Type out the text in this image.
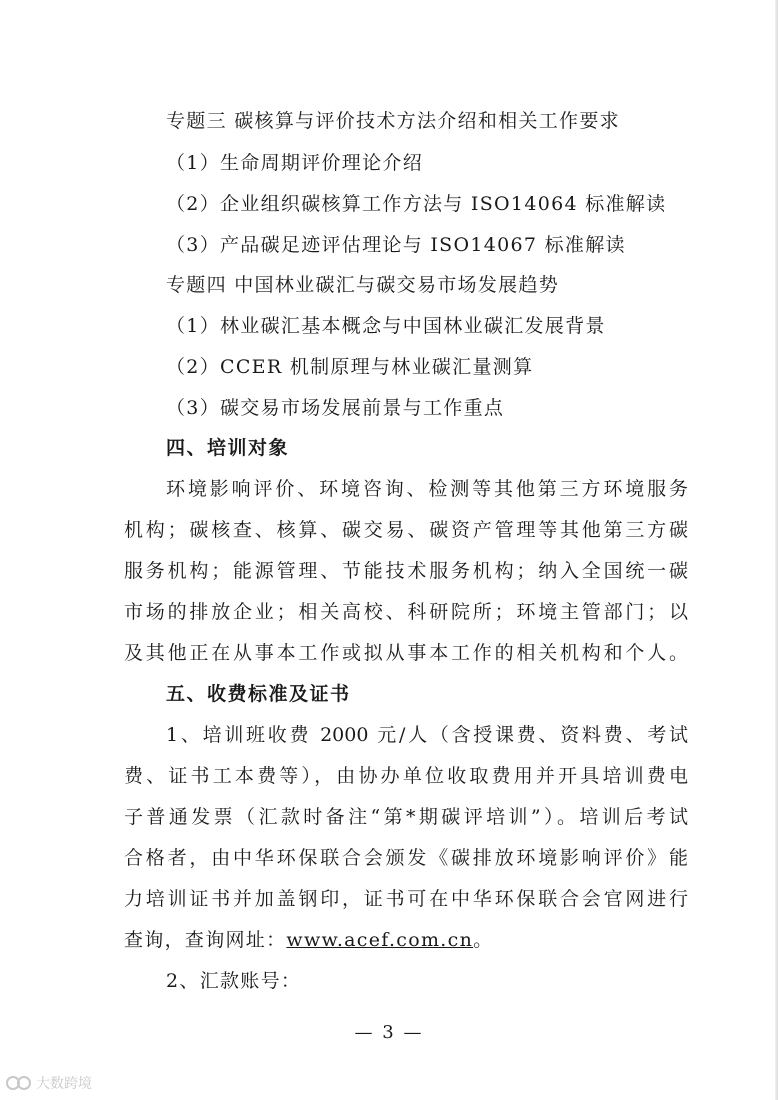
专题三 碳核算与评价技术方法介绍和相关工作要求
（1）生命周期评价理论介绍
（2）企业组织碳核算工作方法与 ISO14064 标准解读
（3）产品碳足迹评估理论与 ISO14067 标准解读
专题四 中国林业碳汇与碳交易市场发展趋势
（1）林业碳汇基本概念与中国林业碳汇发展背景
（2）CCER 机制原理与林业碳汇量测算
（3）碳交易市场发展前景与工作重点
四、培训对象
环境影响评价、环境咨询、检测等其他第三方环境服务
机构；碳核查、核算、碳交易、碳资产管理等其他第三方碳
服务机构；能源管理、节能技术服务机构；纳入全国统一碳
市场的排放企业；相关高校、科研院所；环境主管部门；以
及其他正在从事本工作或拟从事本工作的相关机构和个人。
五、收费标准及证书
1、培训班收费 2000 元/人（含授课费、资料费、考试
费、证书工本费等），由协办单位收取费用并开具培训费电
子普通发票（汇款时备注“第*期碳评培训”）。培训后考试
合格者，由中华环保联合会颁发《碳排放环境影响评价》能
力培训证书并加盖钢印，证书可在中华环保联合会官网进行
查询，查询网址：www.acef.com.cn。
2、汇款账号：
— 3 —
大数跨境
